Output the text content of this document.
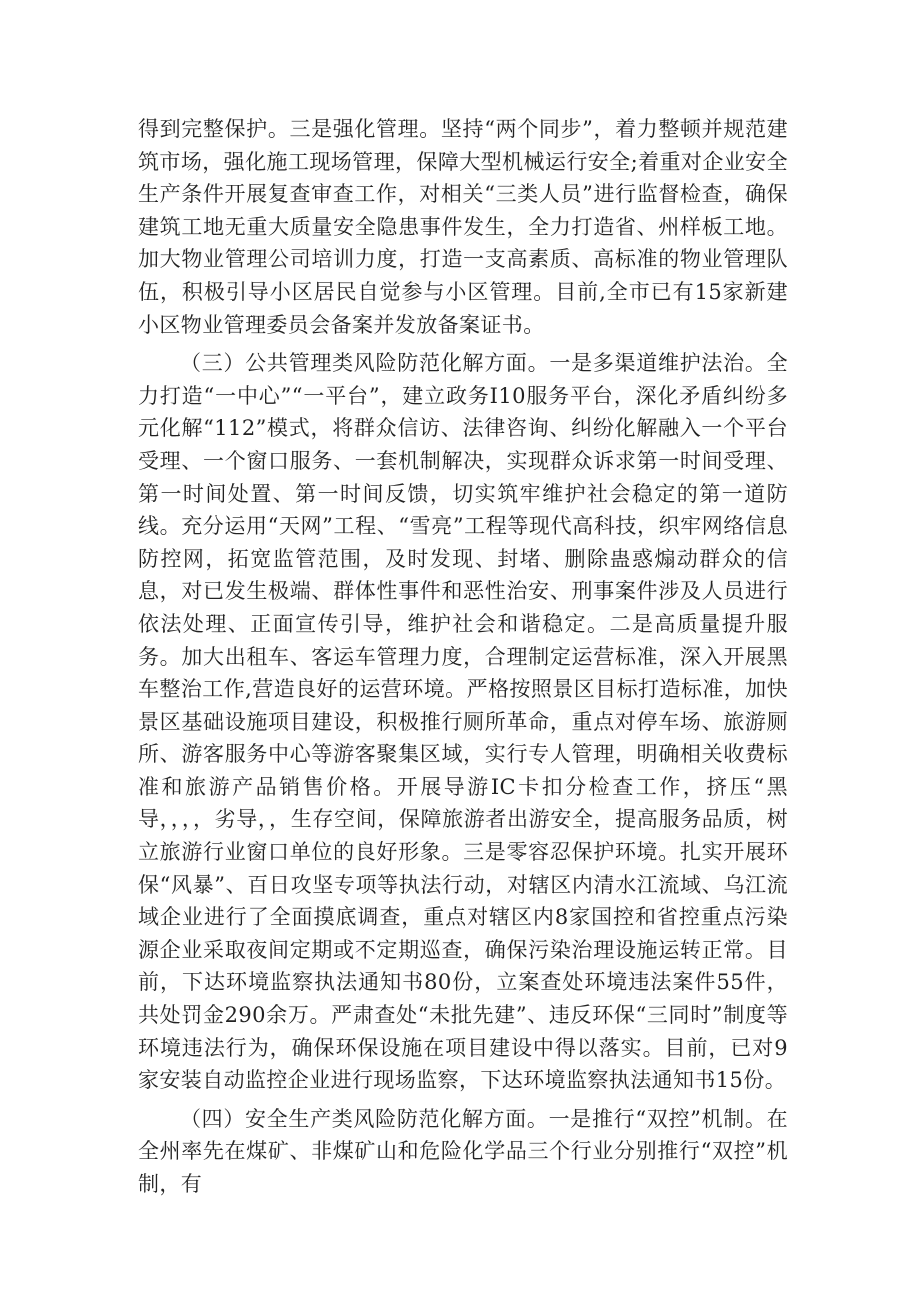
得到完整保护。三是强化管理。坚持“两个同步”，着力整顿并规范建筑市场，强化施工现场管理，保障大型机械运行安全;着重对企业安全生产条件开展复查审查工作，对相关“三类人员”进行监督检查，确保建筑工地无重大质量安全隐患事件发生，全力打造省、州样板工地。加大物业管理公司培训力度，打造一支高素质、高标准的物业管理队伍，积极引导小区居民自觉参与小区管理。目前,全市已有15家新建小区物业管理委员会备案并发放备案证书。

（三）公共管理类风险防范化解方面。一是多渠道维护法治。全力打造“一中心”“一平台”，建立政务I10服务平台，深化矛盾纠纷多元化解“112”模式，将群众信访、法律咨询、纠纷化解融入一个平台受理、一个窗口服务、一套机制解决，实现群众诉求第一时间受理、第一时间处置、第一时间反馈，切实筑牢维护社会稳定的第一道防线。充分运用“天网”工程、“雪亮”工程等现代高科技，织牢网络信息防控网，拓宽监管范围，及时发现、封堵、删除蛊惑煽动群众的信息，对已发生极端、群体性事件和恶性治安、刑事案件涉及人员进行依法处理、正面宣传引导，维护社会和谐稳定。二是高质量提升服务。加大出租车、客运车管理力度，合理制定运营标准，深入开展黑车整治工作,营造良好的运营环境。严格按照景区目标打造标准，加快景区基础设施项目建设，积极推行厕所革命，重点对停车场、旅游厕所、游客服务中心等游客聚集区域，实行专人管理，明确相关收费标准和旅游产品销售价格。开展导游IC卡扣分检查工作，挤压“黑导，，，，劣导，，生存空间，保障旅游者出游安全，提高服务品质，树立旅游行业窗口单位的良好形象。三是零容忍保护环境。扎实开展环保“风暴”、百日攻坚专项等执法行动，对辖区内清水江流域、乌江流域企业进行了全面摸底调查，重点对辖区内8家国控和省控重点污染源企业采取夜间定期或不定期巡查，确保污染治理设施运转正常。目前，下达环境监察执法通知书80份，立案查处环境违法案件55件，共处罚金290余万。严肃查处“未批先建”、违反环保“三同时”制度等环境违法行为，确保环保设施在项目建设中得以落实。目前，已对9家安装自动监控企业进行现场监察，下达环境监察执法通知书15份。

（四）安全生产类风险防范化解方面。一是推行“双控”机制。在全州率先在煤矿、非煤矿山和危险化学品三个行业分别推行“双控”机制，有
